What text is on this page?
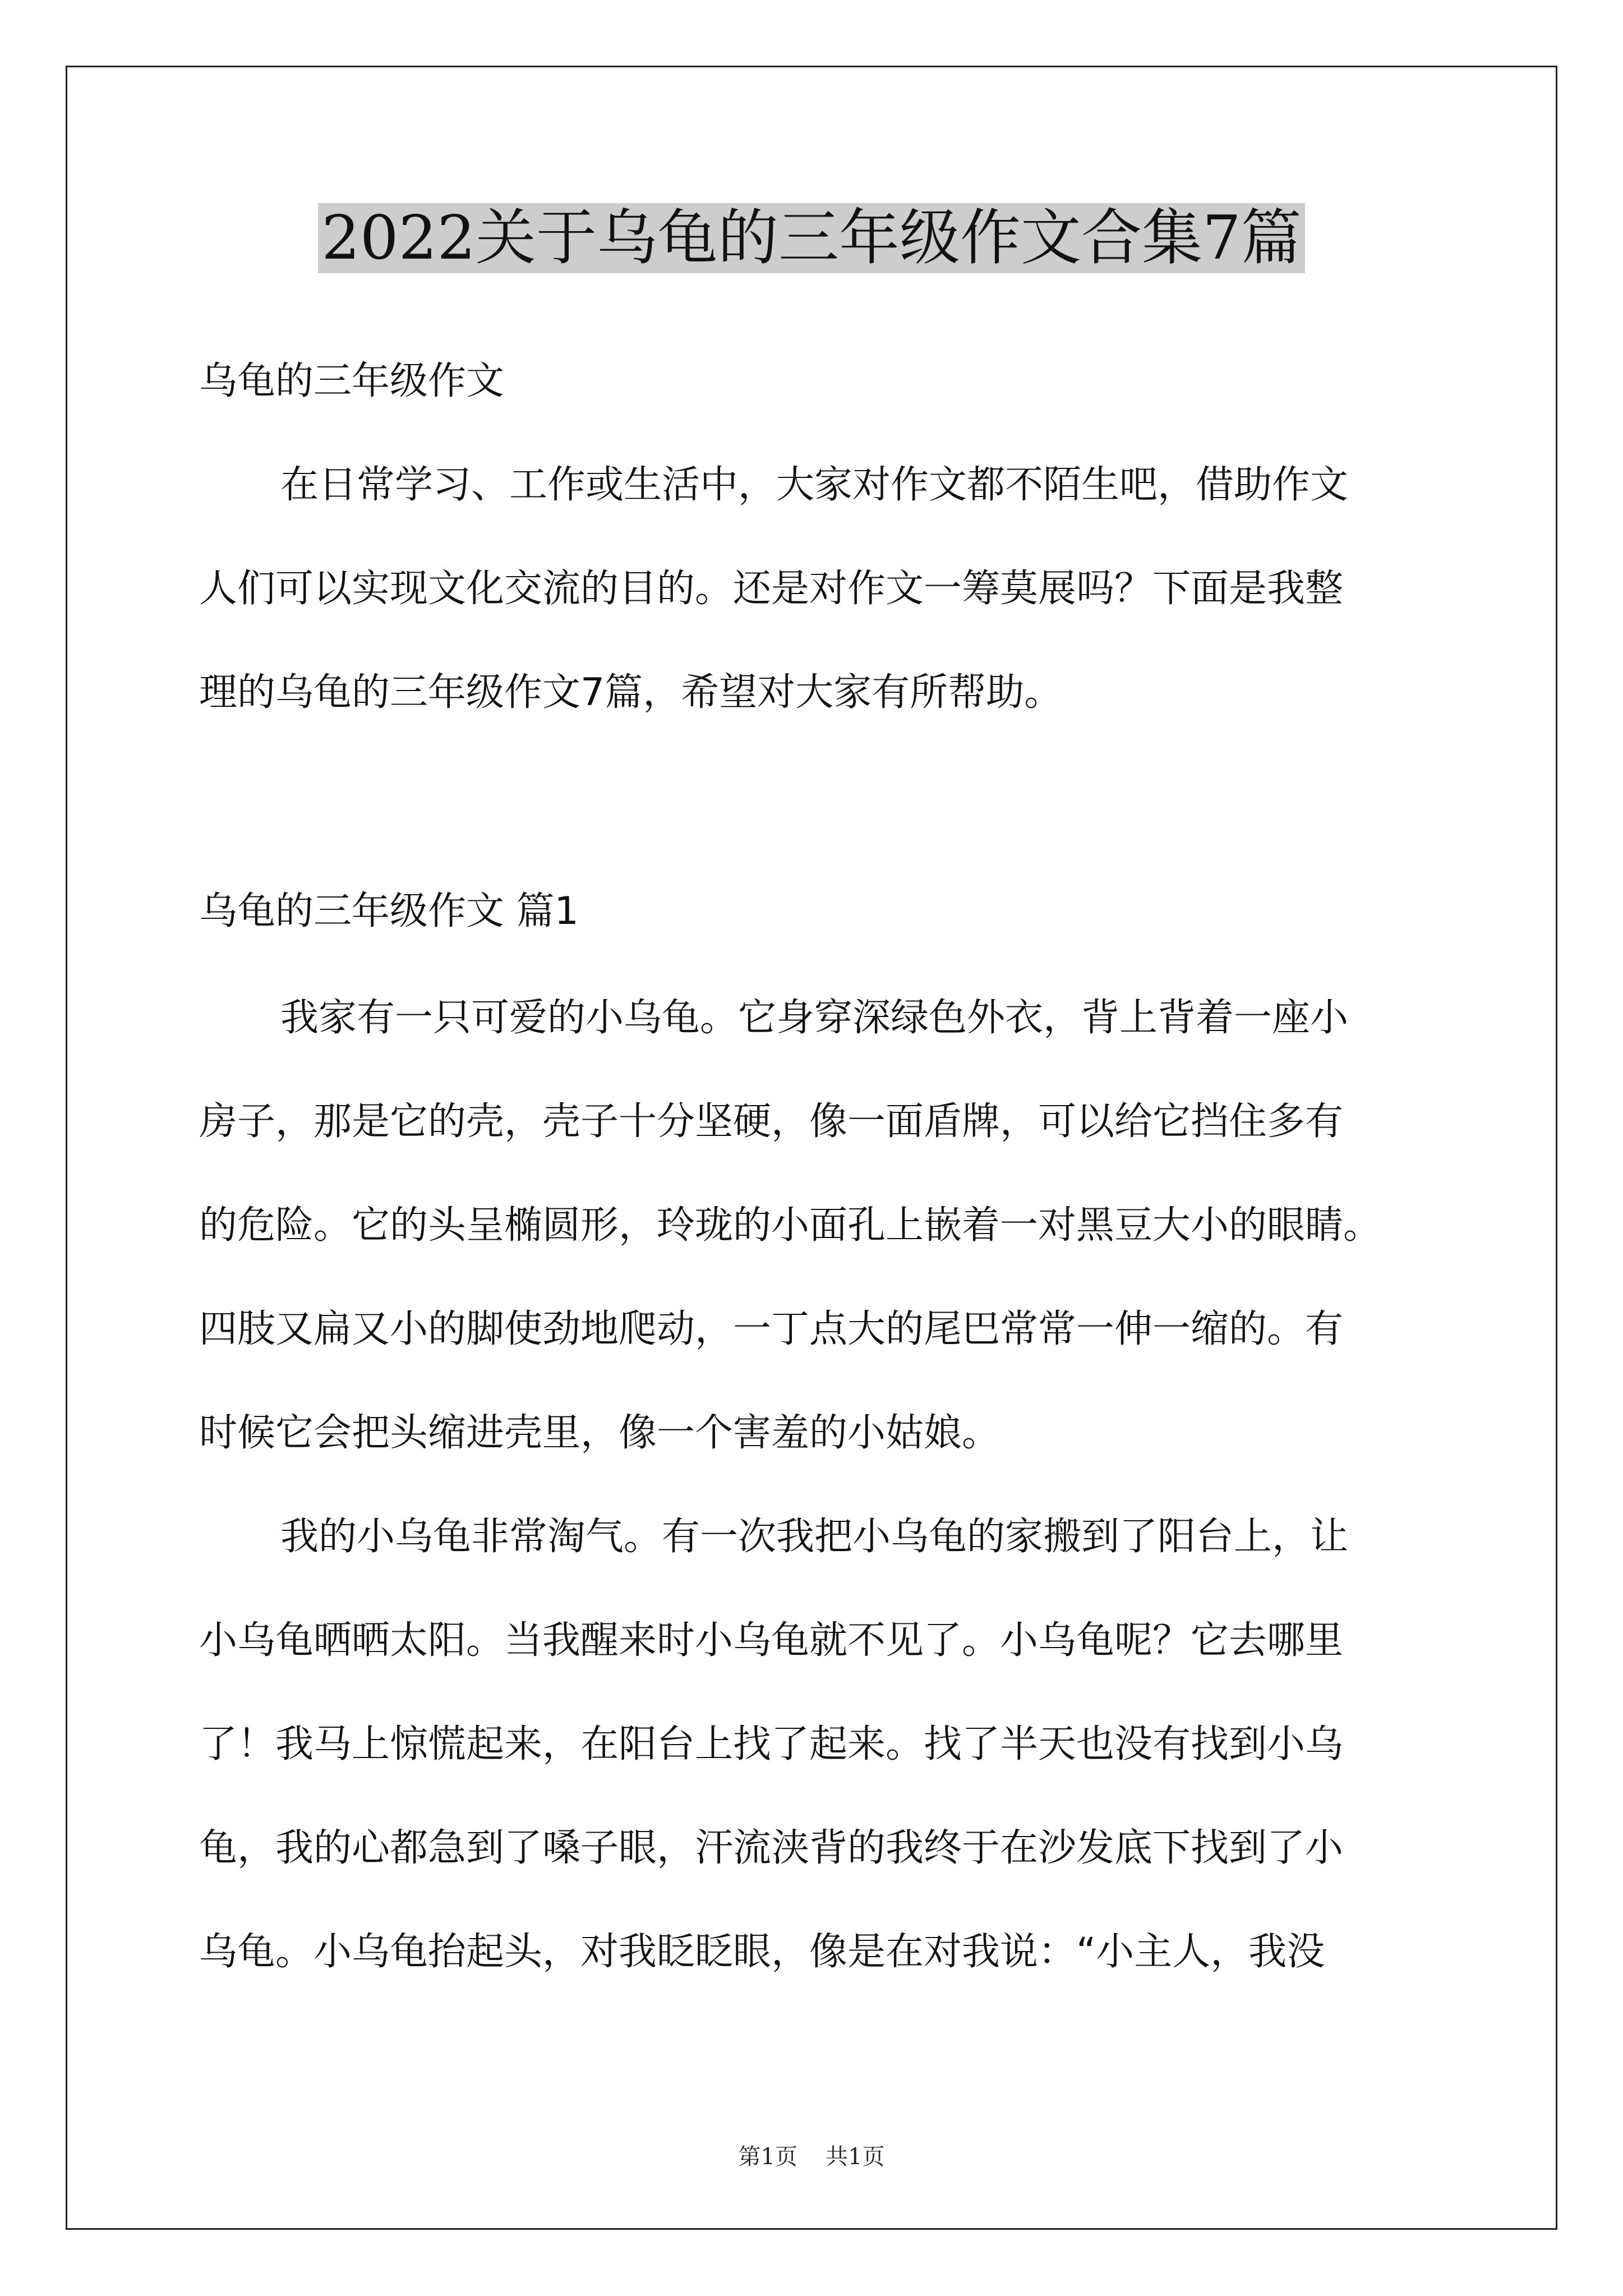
2022关于乌龟的三年级作文合集7篇
乌龟的三年级作文
在日常学习、工作或生活中，大家对作文都不陌生吧，借助作文
人们可以实现文化交流的目的。还是对作文一筹莫展吗？下面是我整
理的乌龟的三年级作文7篇，希望对大家有所帮助。
乌龟的三年级作文 篇1
我家有一只可爱的小乌龟。它身穿深绿色外衣，背上背着一座小
房子，那是它的壳，壳子十分坚硬，像一面盾牌，可以给它挡住多有
的危险。它的头呈椭圆形，玲珑的小面孔上嵌着一对黑豆大小的眼睛。
四肢又扁又小的脚使劲地爬动，一丁点大的尾巴常常一伸一缩的。有
时候它会把头缩进壳里，像一个害羞的小姑娘。
我的小乌龟非常淘气。有一次我把小乌龟的家搬到了阳台上，让
小乌龟晒晒太阳。当我醒来时小乌龟就不见了。小乌龟呢？它去哪里
了！我马上惊慌起来，在阳台上找了起来。找了半天也没有找到小乌
龟，我的心都急到了嗓子眼，汗流浃背的我终于在沙发底下找到了小
乌龟。小乌龟抬起头，对我眨眨眼，像是在对我说：“小主人，我没
第1页 共1页
